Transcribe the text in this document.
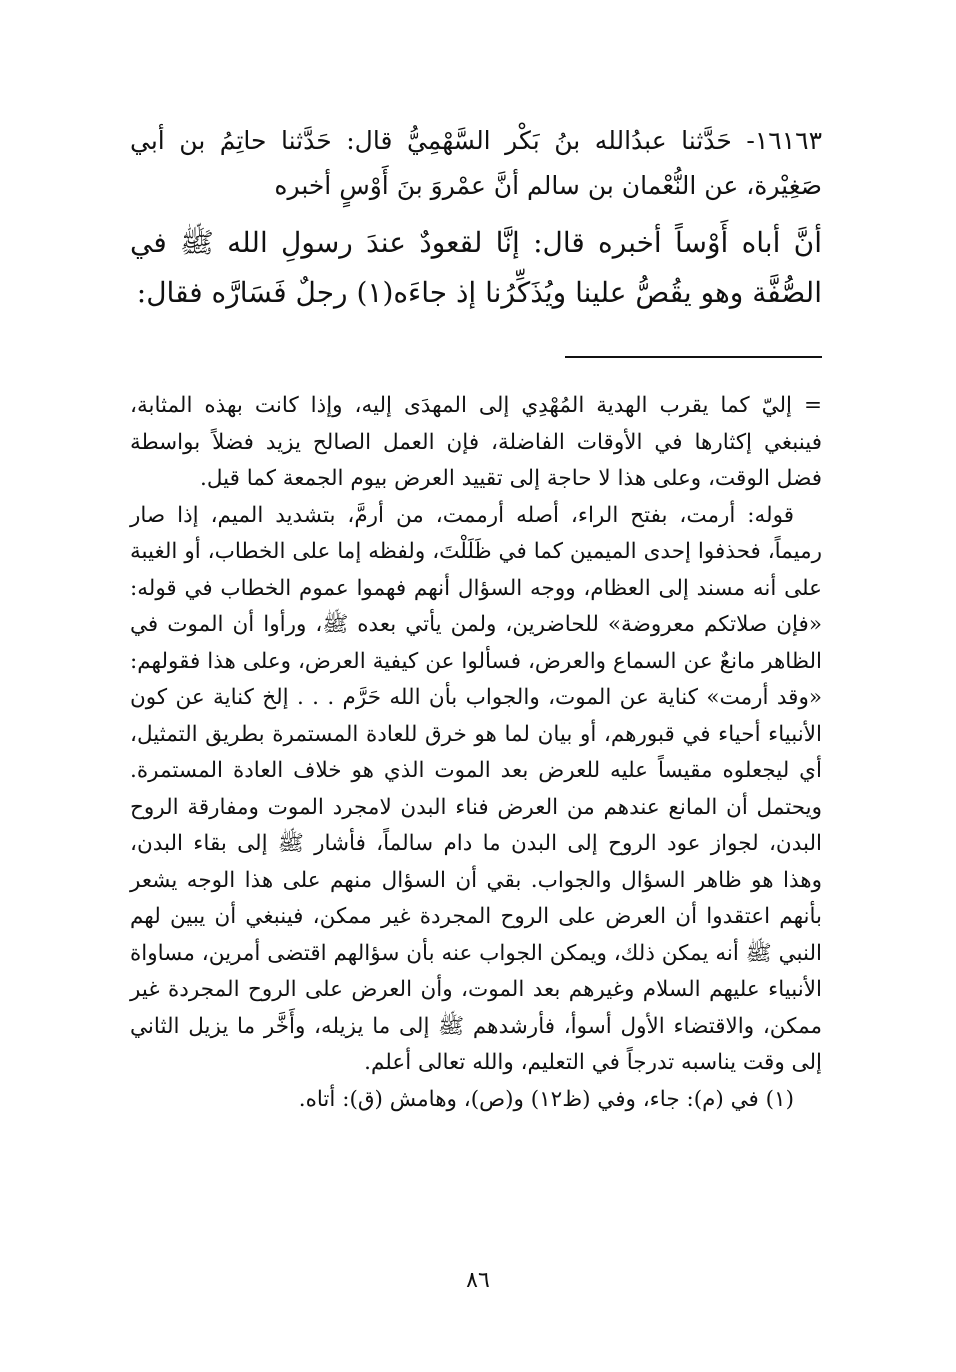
١٦١٦٣- حَدَّثنا عبدُالله بنُ بَكْر السَّهْمِيُّ قال: حَدَّثنا حاتِمُ بن أبي صَغِيْرة، عن النُّعْمان بن سالم أنَّ عمْروَ بنَ أَوْسٍ أخبره

أنَّ أباه أَوْساً أخبره قال: إنَّا لقعودٌ عندَ رسولِ الله ﷺ في الصُّفَّة وهو يقُصُّ علينا ويُذَكِّرُنا إذ جاءَه(١) رجلٌ فَسَارَّه فقال:

= إليّ كما يقرب الهدية المُهْدِي إلى المهدَى إليه، وإذا كانت بهذه المثابة، فينبغي إكثارها في الأوقات الفاضلة، فإن العمل الصالح يزيد فضلاً بواسطة فضل الوقت، وعلى هذا لا حاجة إلى تقييد العرض بيوم الجمعة كما قيل.

قوله: أرمت، بفتح الراء، أصله أرممت، من أرمَّ، بتشديد الميم، إذا صار رميماً، فحذفوا إحدى الميمين كما في ظَلَلْتَ، ولفظه إما على الخطاب، أو الغيبة على أنه مسند إلى العظام، ووجه السؤال أنهم فهموا عموم الخطاب في قوله: «فإن صلاتكم معروضة» للحاضرين، ولمن يأتي بعده ﷺ، ورأوا أن الموت في الظاهر مانعٌ عن السماع والعرض، فسألوا عن كيفية العرض، وعلى هذا فقولهم: «وقد أرمت» كناية عن الموت، والجواب بأن الله حَرَّم . . . إلخ كناية عن كون الأنبياء أحياء في قبورهم، أو بيان لما هو خرق للعادة المستمرة بطريق التمثيل، أي ليجعلوه مقيساً عليه للعرض بعد الموت الذي هو خلاف العادة المستمرة. ويحتمل أن المانع عندهم من العرض فناء البدن لامجرد الموت ومفارقة الروح البدن، لجواز عود الروح إلى البدن ما دام سالماً، فأشار ﷺ إلى بقاء البدن، وهذا هو ظاهر السؤال والجواب. بقي أن السؤال منهم على هذا الوجه يشعر بأنهم اعتقدوا أن العرض على الروح المجردة غير ممكن، فينبغي أن يبين لهم النبي ﷺ أنه يمكن ذلك، ويمكن الجواب عنه بأن سؤالهم اقتضى أمرين، مساواة الأنبياء عليهم السلام وغيرهم بعد الموت، وأن العرض على الروح المجردة غير ممكن، والاقتضاء الأول أسوأ، فأرشدهم ﷺ إلى ما يزيله، وأَخَّر ما يزيل الثاني إلى وقت يناسبه تدرجاً في التعليم، والله تعالى أعلم.

(١) في (م): جاء، وفي (ظ١٢) و(ص)، وهامش (ق): أتاه.

٨٦
